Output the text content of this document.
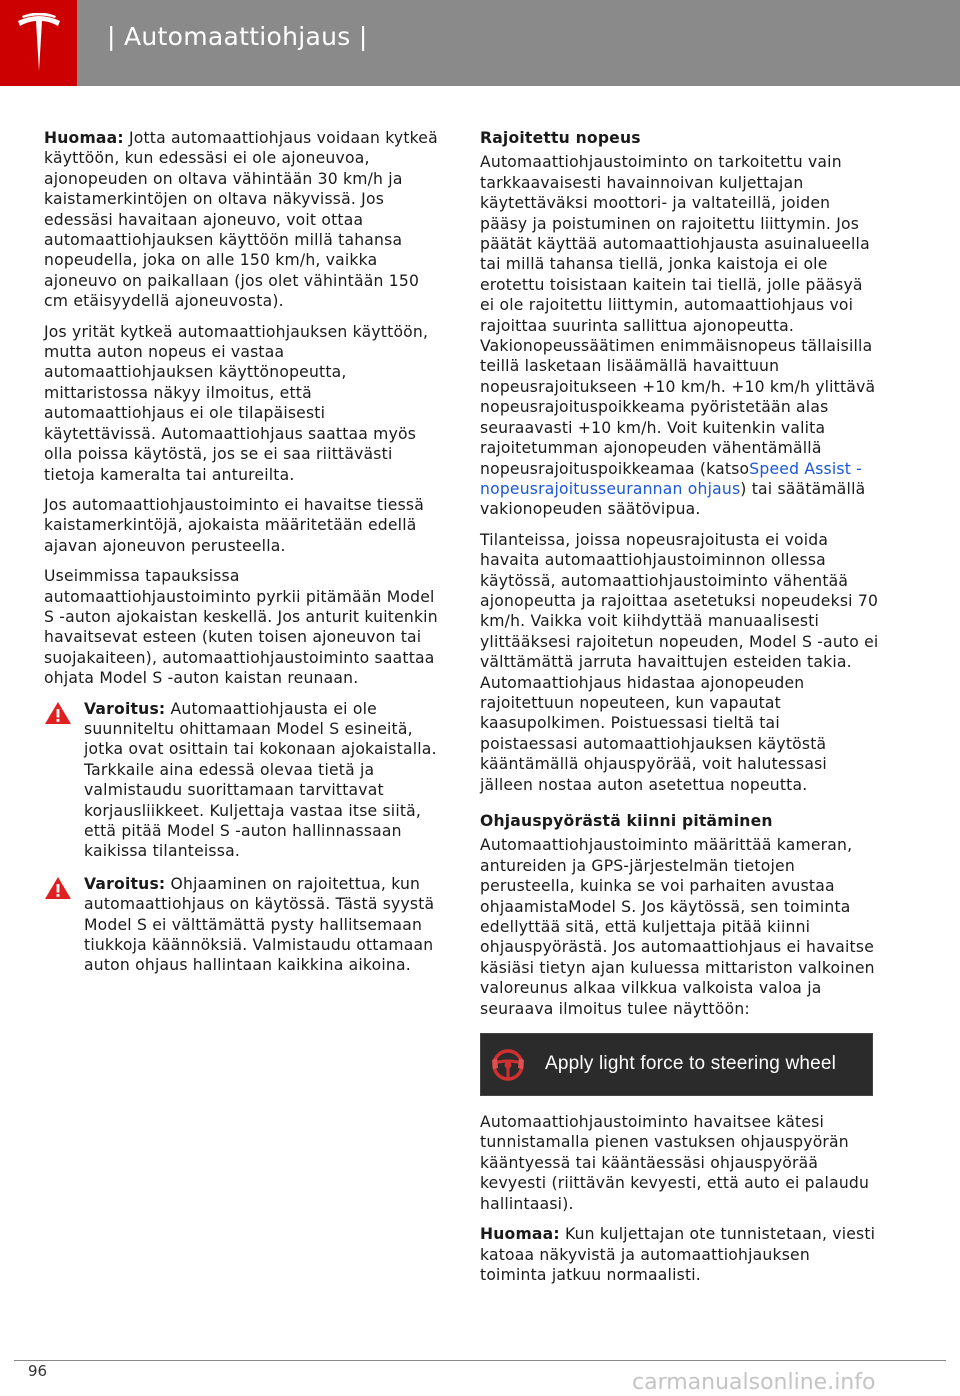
| Automaattiohjaus |

Huomaa: Jotta automaattiohjaus voidaan kytkeä käyttöön, kun edessäsi ei ole ajoneuvoa, ajonopeuden on oltava vähintään 30 km/h ja kaistamerkintöjen on oltava näkyvissä. Jos edessäsi havaitaan ajoneuvo, voit ottaa automaattiohjauksen käyttöön millä tahansa nopeudella, joka on alle 150 km/h, vaikka ajoneuvo on paikallaan (jos olet vähintään 150 cm etäisyydellä ajoneuvosta).

Jos yrität kytkeä automaattiohjauksen käyttöön, mutta auton nopeus ei vastaa automaattiohjauksen käyttönopeutta, mittaristossa näkyy ilmoitus, että automaattiohjaus ei ole tilapäisesti käytettävissä. Automaattiohjaus saattaa myös olla poissa käytöstä, jos se ei saa riittävästi tietoja kameralta tai antureilta.

Jos automaattiohjaustoiminto ei havaitse tiessä kaistamerkintöjä, ajokaista määritetään edellä ajavan ajoneuvon perusteella.

Useimmissa tapauksissa automaattiohjaustoiminto pyrkii pitämään Model S -auton ajokaistan keskellä. Jos anturit kuitenkin havaitsevat esteen (kuten toisen ajoneuvon tai suojakaiteen), automaattiohjaustoiminto saattaa ohjata Model S -auton kaistan reunaan.

Varoitus: Automaattiohjausta ei ole suunniteltu ohittamaan Model S esineitä, jotka ovat osittain tai kokonaan ajokaistalla. Tarkkaile aina edessä olevaa tietä ja valmistaudu suorittamaan tarvittavat korjausliikkeet. Kuljettaja vastaa itse siitä, että pitää Model S -auton hallinnassaan kaikissa tilanteissa.
Varoitus: Ohjaaminen on rajoitettua, kun automaattiohjaus on käytössä. Tästä syystä Model S ei välttämättä pysty hallitsemaan tiukkoja käännöksiä. Valmistaudu ottamaan auton ohjaus hallintaan kaikkina aikoina.
Rajoitettu nopeus

Automaattiohjaustoiminto on tarkoitettu vain tarkkaavaisesti havainnoivan kuljettajan käytettäväksi moottori- ja valtateillä, joiden pääsy ja poistuminen on rajoitettu liittymin. Jos päätät käyttää automaattiohjausta asuinalueella tai millä tahansa tiellä, jonka kaistoja ei ole erotettu toisistaan kaitein tai tiellä, jolle pääsyä ei ole rajoitettu liittymin, automaattiohjaus voi rajoittaa suurinta sallittua ajonopeutta. Vakionopeussäätimen enimmäisnopeus tällaisilla teillä lasketaan lisäämällä havaittuun nopeusrajoitukseen +10 km/h. +10 km/h ylittävä nopeusrajoituspoikkeama pyöristetään alas seuraavasti +10 km/h. Voit kuitenkin valita rajoitetumman ajonopeuden vähentämällä nopeusrajoituspoikkeamaa (katsoSpeed Assist -nopeusrajoitusseurannan ohjaus) tai säätämällä vakionopeuden säätövipua.

Tilanteissa, joissa nopeusrajoitusta ei voida havaita automaattiohjaustoiminnon ollessa käytössä, automaattiohjaustoiminto vähentää ajonopeutta ja rajoittaa asetetuksi nopeudeksi 70 km/h. Vaikka voit kiihdyttää manuaalisesti ylittääksesi rajoitetun nopeuden, Model S -auto ei välttämättä jarruta havaittujen esteiden takia. Automaattiohjaus hidastaa ajonopeuden rajoitettuun nopeuteen, kun vapautat kaasupolkimen. Poistuessasi tieltä tai poistaessasi automaattiohjauksen käytöstä kääntämällä ohjauspyörää, voit halutessasi jälleen nostaa auton asetettua nopeutta.

Ohjauspyörästä kiinni pitäminen

Automaattiohjaustoiminto määrittää kameran, antureiden ja GPS-järjestelmän tietojen perusteella, kuinka se voi parhaiten avustaa ohjaamistaModel S. Jos käytössä, sen toiminta edellyttää sitä, että kuljettaja pitää kiinni ohjauspyörästä. Jos automaattiohjaus ei havaitse käsiäsi tietyn ajan kuluessa mittariston valkoinen valoreunus alkaa vilkkua valkoista valoa ja seuraava ilmoitus tulee näyttöön:

Apply light force to steering wheel

Automaattiohjaustoiminto havaitsee kätesi tunnistamalla pienen vastuksen ohjauspyörän kääntyessä tai kääntäessäsi ohjauspyörää kevyesti (riittävän kevyesti, että auto ei palaudu hallintaasi).

Huomaa: Kun kuljettajan ote tunnistetaan, viesti katoaa näkyvistä ja automaattiohjauksen toiminta jatkuu normaalisti.

96	carmanualsonline.info
